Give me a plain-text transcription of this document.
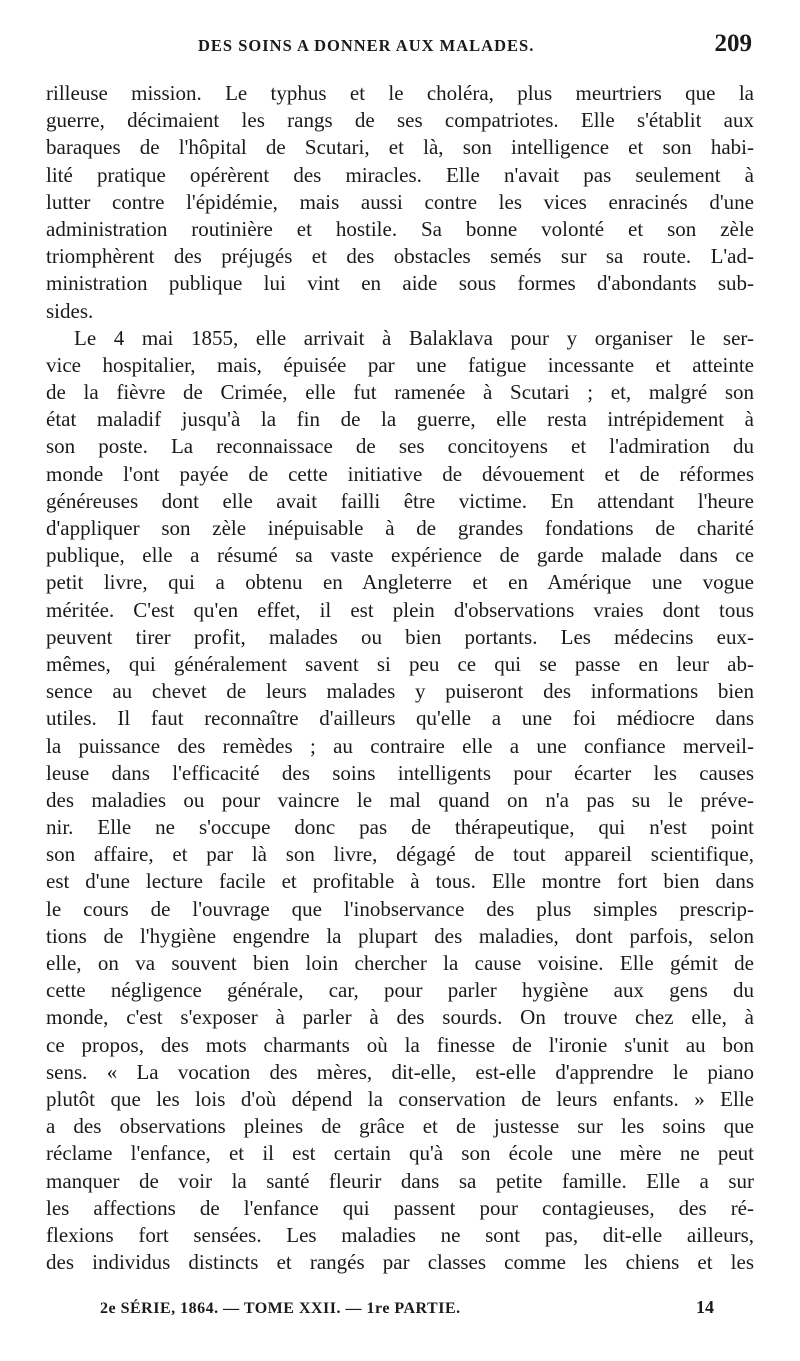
DES SOINS A DONNER AUX MALADES.	209
rilleuse mission. Le typhus et le choléra, plus meurtriers que la
guerre, décimaient les rangs de ses compatriotes. Elle s'établit aux
baraques de l'hôpital de Scutari, et là, son intelligence et son habi-
lité pratique opérèrent des miracles. Elle n'avait pas seulement à
lutter contre l'épidémie, mais aussi contre les vices enracinés d'une
administration routinière et hostile. Sa bonne volonté et son zèle
triomphèrent des préjugés et des obstacles semés sur sa route. L'ad-
ministration publique lui vint en aide sous formes d'abondants sub-
sides.
Le 4 mai 1855, elle arrivait à Balaklava pour y organiser le ser-
vice hospitalier, mais, épuisée par une fatigue incessante et atteinte
de la fièvre de Crimée, elle fut ramenée à Scutari ; et, malgré son
état maladif jusqu'à la fin de la guerre, elle resta intrépidement à
son poste. La reconnaissace de ses concitoyens et l'admiration du
monde l'ont payée de cette initiative de dévouement et de réformes
généreuses dont elle avait failli être victime. En attendant l'heure
d'appliquer son zèle inépuisable à de grandes fondations de charité
publique, elle a résumé sa vaste expérience de garde malade dans ce
petit livre, qui a obtenu en Angleterre et en Amérique une vogue
méritée. C'est qu'en effet, il est plein d'observations vraies dont tous
peuvent tirer profit, malades ou bien portants. Les médecins eux-
mêmes, qui généralement savent si peu ce qui se passe en leur ab-
sence au chevet de leurs malades y puiseront des informations bien
utiles. Il faut reconnaître d'ailleurs qu'elle a une foi médiocre dans
la puissance des remèdes ; au contraire elle a une confiance merveil-
leuse dans l'efficacité des soins intelligents pour écarter les causes
des maladies ou pour vaincre le mal quand on n'a pas su le préve-
nir. Elle ne s'occupe donc pas de thérapeutique, qui n'est point
son affaire, et par là son livre, dégagé de tout appareil scientifique,
est d'une lecture facile et profitable à tous. Elle montre fort bien dans
le cours de l'ouvrage que l'inobservance des plus simples prescrip-
tions de l'hygiène engendre la plupart des maladies, dont parfois, selon
elle, on va souvent bien loin chercher la cause voisine. Elle gémit de
cette négligence générale, car, pour parler hygiène aux gens du
monde, c'est s'exposer à parler à des sourds. On trouve chez elle, à
ce propos, des mots charmants où la finesse de l'ironie s'unit au bon
sens. « La vocation des mères, dit-elle, est-elle d'apprendre le piano
plutôt que les lois d'où dépend la conservation de leurs enfants. » Elle
a des observations pleines de grâce et de justesse sur les soins que
réclame l'enfance, et il est certain qu'à son école une mère ne peut
manquer de voir la santé fleurir dans sa petite famille. Elle a sur
les affections de l'enfance qui passent pour contagieuses, des ré-
flexions fort sensées. Les maladies ne sont pas, dit-elle ailleurs,
des individus distincts et rangés par classes comme les chiens et les
2e SÉRIE, 1864. — TOME XXII. — 1re PARTIE.	14
